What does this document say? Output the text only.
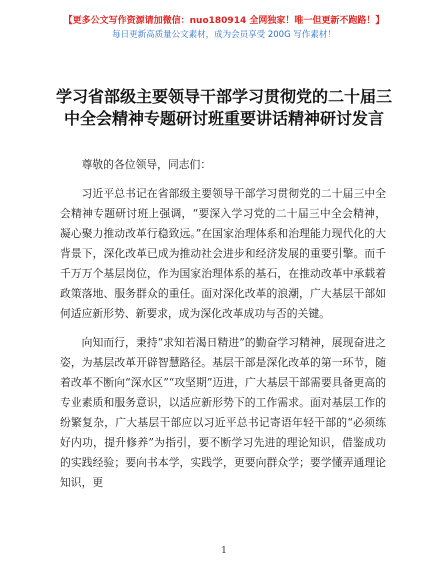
【更多公文写作资源请加微信：nuo180914 全网独家！唯一但更新不跑路！】
每日更新高质量公文素材，成为会员享受 200G 写作素材！
学习省部级主要领导干部学习贯彻党的二十届三中全会精神专题研讨班重要讲话精神研讨发言

尊敬的各位领导，同志们：

习近平总书记在省部级主要领导干部学习贯彻党的二十届三中全会精神专题研讨班上强调，“要深入学习党的二十届三中全会精神，凝心聚力推动改革行稳致远。”在国家治理体系和治理能力现代化的大背景下，深化改革已成为推动社会进步和经济发展的重要引擎。而千千万万个基层岗位，作为国家治理体系的基石，在推动改革中承载着政策落地、服务群众的重任。面对深化改革的浪潮，广大基层干部如何适应新形势、新要求，成为深化改革成功与否的关键。

向知而行，秉持“求知若渴日精进”的勤奋学习精神，展现奋进之姿，为基层改革开辟智慧路径。基层干部是深化改革的第一环节，随着改革不断向“深水区”“攻坚期”迈进，广大基层干部需要具备更高的专业素质和服务意识，以适应新形势下的工作需求。面对基层工作的纷繁复杂，广大基层干部应以习近平总书记寄语年轻干部的“必须练好内功，提升修养”为指引，要不断学习先进的理论知识，借鉴成功的实践经验；要向书本学，实践学，更要向群众学；要学懂弄通理论知识，更

1
